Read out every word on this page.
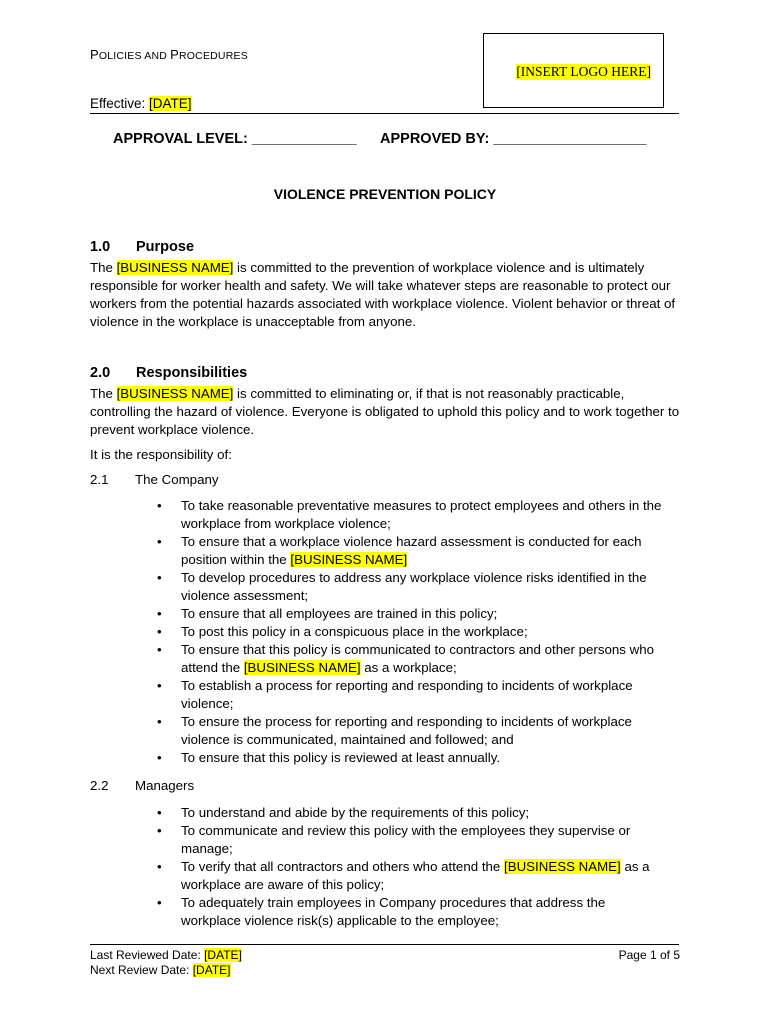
POLICIES AND PROCEDURES
[INSERT LOGO HERE]
Effective: [DATE]
APPROVAL LEVEL: _____________ APPROVED BY: ___________________
VIOLENCE PREVENTION POLICY
1.0 Purpose
The [BUSINESS NAME] is committed to the prevention of workplace violence and is ultimately responsible for worker health and safety. We will take whatever steps are reasonable to protect our workers from the potential hazards associated with workplace violence. Violent behavior or threat of violence in the workplace is unacceptable from anyone.
2.0 Responsibilities
The [BUSINESS NAME] is committed to eliminating or, if that is not reasonably practicable, controlling the hazard of violence. Everyone is obligated to uphold this policy and to work together to prevent workplace violence.
It is the responsibility of:
2.1 The Company
• To take reasonable preventative measures to protect employees and others in the workplace from workplace violence;
• To ensure that a workplace violence hazard assessment is conducted for each position within the [BUSINESS NAME]
• To develop procedures to address any workplace violence risks identified in the violence assessment;
• To ensure that all employees are trained in this policy;
• To post this policy in a conspicuous place in the workplace;
• To ensure that this policy is communicated to contractors and other persons who attend the [BUSINESS NAME] as a workplace;
• To establish a process for reporting and responding to incidents of workplace violence;
• To ensure the process for reporting and responding to incidents of workplace violence is communicated, maintained and followed; and
• To ensure that this policy is reviewed at least annually.
2.2 Managers
• To understand and abide by the requirements of this policy;
• To communicate and review this policy with the employees they supervise or manage;
• To verify that all contractors and others who attend the [BUSINESS NAME] as a workplace are aware of this policy;
• To adequately train employees in Company procedures that address the workplace violence risk(s) applicable to the employee;
Last Reviewed Date: [DATE]
Next Review Date: [DATE]
Page 1 of 5
